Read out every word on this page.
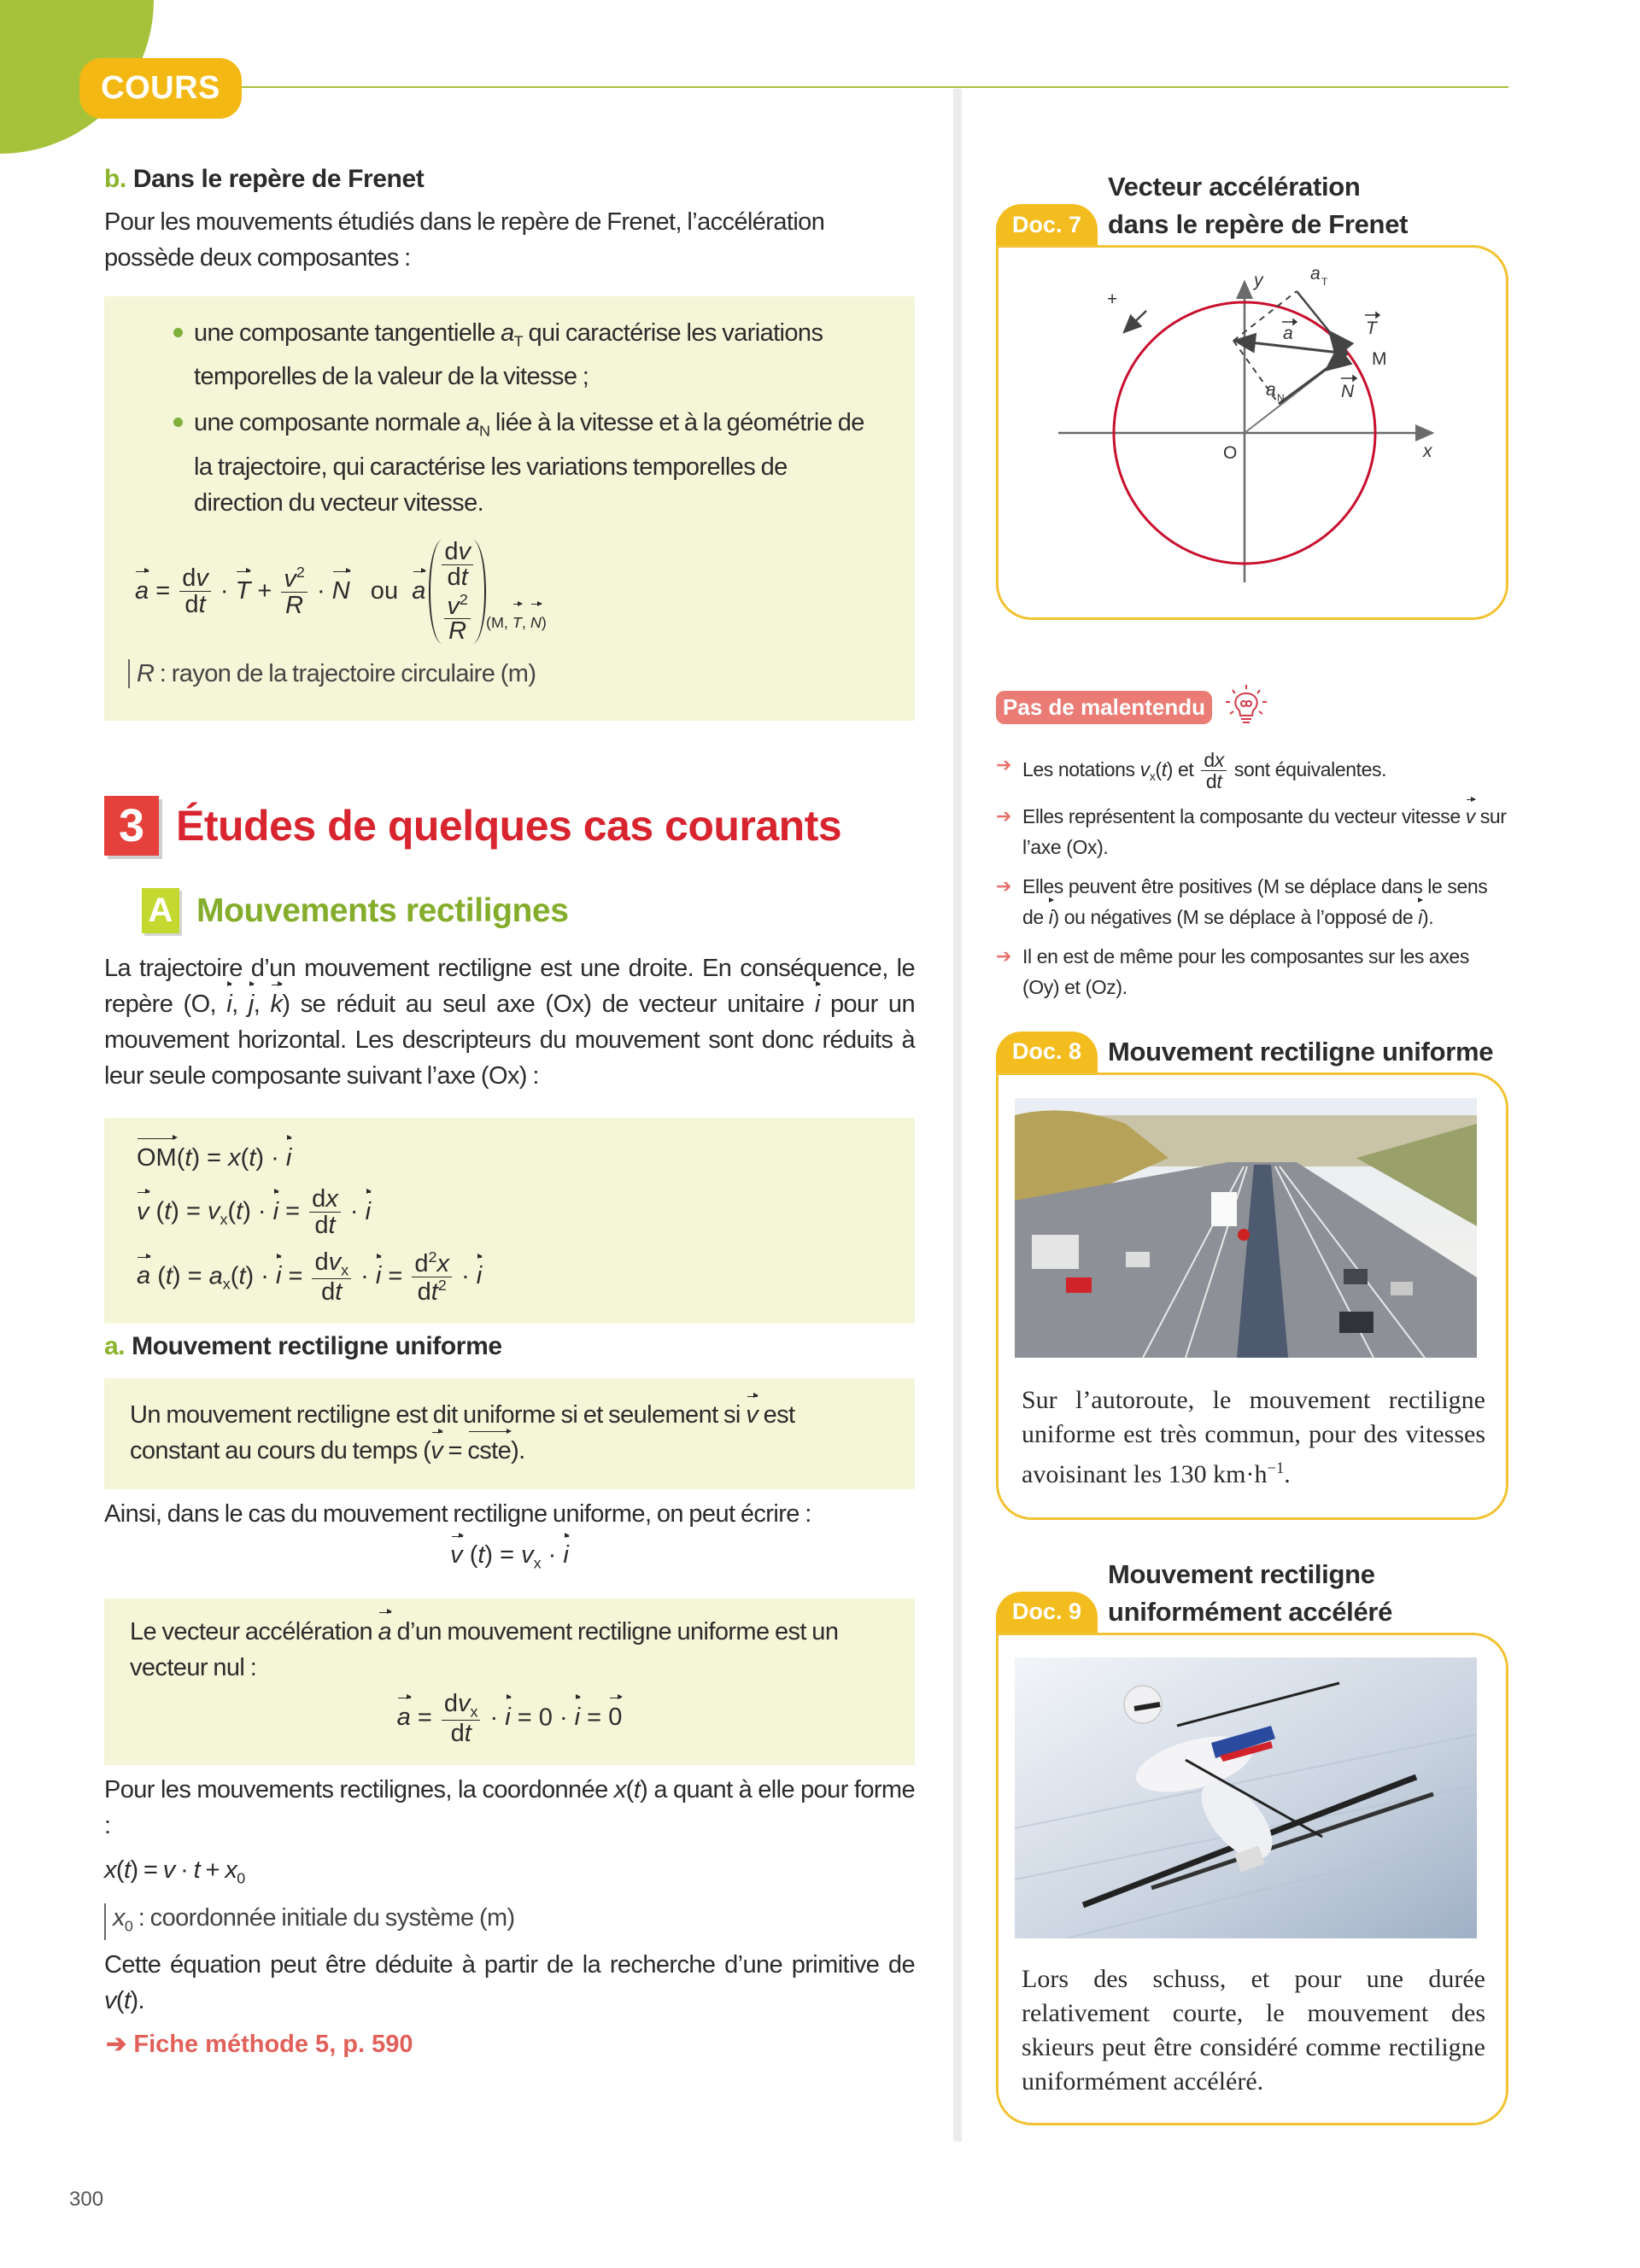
COURS
b. Dans le repère de Frenet
Pour les mouvements étudiés dans le repère de Frenet, l’accélération possède deux composantes :
une composante tangentielle $a_T$ qui caractérise les variations temporelles de la valeur de la vitesse ;
une composante normale $a_N$ liée à la vitesse et à la géométrie de la trajectoire, qui caractérise les variations temporelles de direction du vecteur vitesse.
$a = \frac{dv}{dt} \cdot T + \frac{v^2}{R} \cdot N$   ou  a
$\frac{dv}{dt}$
$\frac{v^2}{R} _{(M, T, N)}$
R : rayon de la trajectoire circulaire (m)
3 Études de quelques cas courants
A Mouvements rectilignes
La trajectoire d’un mouvement rectiligne est une droite. En conséquence, le repère (O, i, j, k) se réduit au seul axe (Ox) de vecteur unitaire i pour un mouvement horizontal. Les descripteurs du mouvement sont donc réduits à leur seule composante suivant l’axe (Ox) :
OM(t) = x(t) · i
v $(t) = v_x(t) \cdot i = \frac{dx}{dt} \cdot i$
a $(t) = a_x(t) \cdot i = \frac{dv_x}{dt} \cdot i = \frac{d^2x}{dt^2} \cdot i$
a. Mouvement rectiligne uniforme
Un mouvement rectiligne est dit uniforme si et seulement si v est constant au cours du temps (v = cste).
Ainsi, dans le cas du mouvement rectiligne uniforme, on peut écrire :
v $(t) = v_x \cdot i$
Le vecteur accélération a d’un mouvement rectiligne uniforme est un vecteur nul :
$a = \frac{dv_x}{dt} \cdot i = 0 \cdot i = 0$
Pour les mouvements rectilignes, la coordonnée x(t) a quant à elle pour forme :
$x(t) = v \cdot t + x_0$
$x_0$ : coordonnée initiale du système (m)
Cette équation peut être déduite à partir de la recherche d’une primitive de v(t).
➔ Fiche méthode 5, p. 590
300
Doc. 7
Vecteur accélération
dans le repère de Frenet
+
y
x
O
M
a	T
N
a T
a N
Pas de malentendu
➔ Les notations $v_x(t)$ et $\frac{dx}{dt}$ sont équivalentes.
➔ Elles représentent la composante du vecteur vitesse v sur l’axe (Ox).
➔ Elles peuvent être positives (M se déplace dans le sens de i) ou négatives (M se déplace à l’opposé de i).
➔ Il en est de même pour les composantes sur les axes (Oy) et (Oz).
Doc. 8 Mouvement rectiligne uniforme
Sur l’autoroute, le mouvement rectiligne uniforme est très commun, pour des vitesses avoisinant les 130 $km\cdot h^{-1}$.
Doc. 9
Mouvement rectiligne
uniformément accéléré
Lors des schuss, et pour une durée relativement courte, le mouvement des skieurs peut être considéré comme rectiligne uniformément accéléré.
